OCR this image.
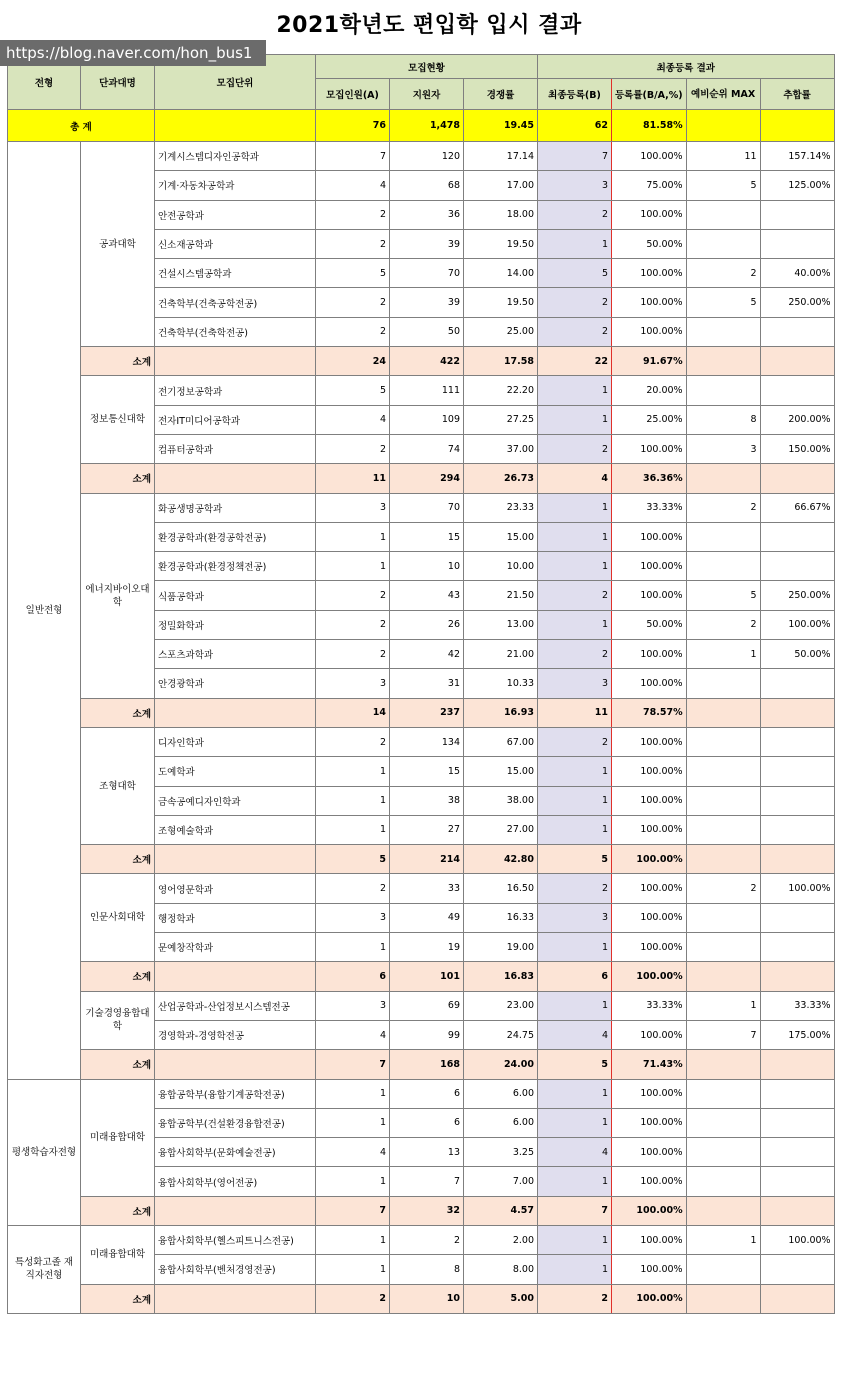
2021학년도 편입학 입시 결과
https://blog.naver.com/hon_bus1
전형	단과대명	모집단위	모집현황			최종등록 결과			
			모집인원(A)	지원자	경쟁률	최종등록(B)	등록률(B/A,%)	예비순위 MAX	추합률
총 계			76	1,478	19.45	62	81.58%		
일반전형	공과대학	기계시스템디자인공학과	7	120	17.14	7	100.00%	11	157.14%
		기계·자동차공학과	4	68	17.00	3	75.00%	5	125.00%
		안전공학과	2	36	18.00	2	100.00%		
		신소재공학과	2	39	19.50	1	50.00%		
		건설시스템공학과	5	70	14.00	5	100.00%	2	40.00%
		건축학부(건축공학전공)	2	39	19.50	2	100.00%	5	250.00%
		건축학부(건축학전공)	2	50	25.00	2	100.00%		
	소계		24	422	17.58	22	91.67%		
	정보통신대학	전기정보공학과	5	111	22.20	1	20.00%		
		전자IT미디어공학과	4	109	27.25	1	25.00%	8	200.00%
		컴퓨터공학과	2	74	37.00	2	100.00%	3	150.00%
	소계		11	294	26.73	4	36.36%		
	에너지바이오대학	화공생명공학과	3	70	23.33	1	33.33%	2	66.67%
		환경공학과(환경공학전공)	1	15	15.00	1	100.00%		
		환경공학과(환경정책전공)	1	10	10.00	1	100.00%		
		식품공학과	2	43	21.50	2	100.00%	5	250.00%
		정밀화학과	2	26	13.00	1	50.00%	2	100.00%
		스포츠과학과	2	42	21.00	2	100.00%	1	50.00%
		안경광학과	3	31	10.33	3	100.00%		
	소계		14	237	16.93	11	78.57%		
	조형대학	디자인학과	2	134	67.00	2	100.00%		
		도예학과	1	15	15.00	1	100.00%		
		금속공예디자인학과	1	38	38.00	1	100.00%		
		조형예술학과	1	27	27.00	1	100.00%		
	소계		5	214	42.80	5	100.00%		
	인문사회대학	영어영문학과	2	33	16.50	2	100.00%	2	100.00%
		행정학과	3	49	16.33	3	100.00%		
		문예창작학과	1	19	19.00	1	100.00%		
	소계		6	101	16.83	6	100.00%		
	기술경영융합대학	산업공학과-산업정보시스템전공	3	69	23.00	1	33.33%	1	33.33%
		경영학과-경영학전공	4	99	24.75	4	100.00%	7	175.00%
	소계		7	168	24.00	5	71.43%		
평생학습자전형	미래융합대학	융합공학부(융합기계공학전공)	1	6	6.00	1	100.00%		
		융합공학부(건설환경융합전공)	1	6	6.00	1	100.00%		
		융합사회학부(문화예술전공)	4	13	3.25	4	100.00%		
		융합사회학부(영어전공)	1	7	7.00	1	100.00%		
	소계		7	32	4.57	7	100.00%		
특성화고졸 재직자전형	미래융합대학	융합사회학부(헬스피트니스전공)	1	2	2.00	1	100.00%	1	100.00%
		융합사회학부(벤처경영전공)	1	8	8.00	1	100.00%		
	소계		2	10	5.00	2	100.00%		
